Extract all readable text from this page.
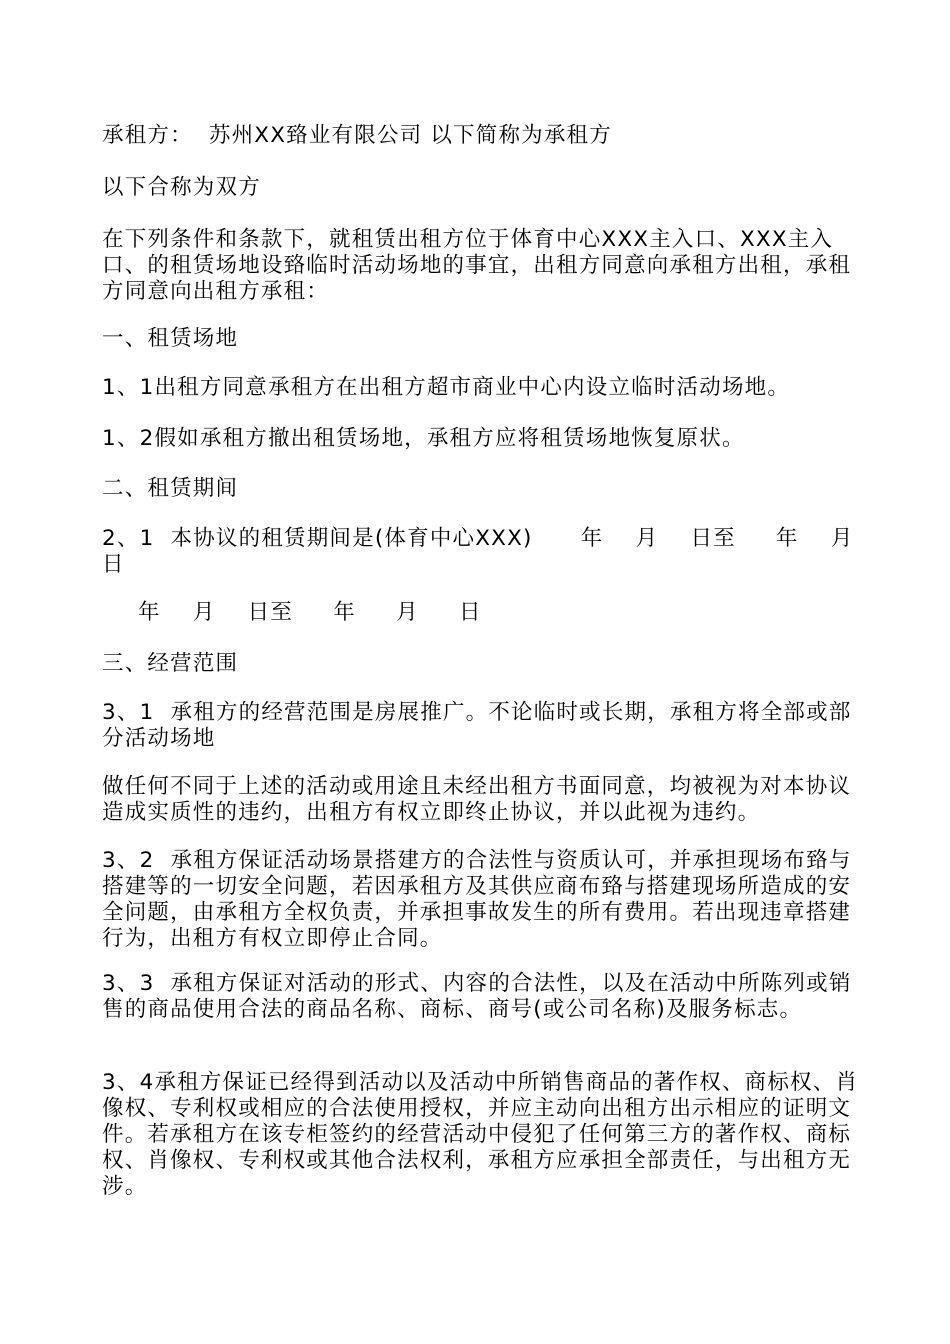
承租方：  苏州XX臵业有限公司 以下简称为承租方

以下合称为双方

在下列条件和条款下，就租赁出租方位于体育中心XXX主入口、XXX主入口、的租赁场地设臵临时活动场地的事宜，出租方同意向承租方出租，承租方同意向出租方承租：

一、租赁场地

1、1出租方同意承租方在出租方超市商业中心内设立临时活动场地。

1、2假如承租方撤出租赁场地，承租方应将租赁场地恢复原状。

二、租赁期间

2、1  本协议的租赁期间是(体育中心XXX)      年    月    日至     年    月    日

年    月    日至     年     月     日

三、经营范围

3、1  承租方的经营范围是房展推广。不论临时或长期，承租方将全部或部分活动场地

做任何不同于上述的活动或用途且未经出租方书面同意，均被视为对本协议造成实质性的违约，出租方有权立即终止协议，并以此视为违约。

3、2  承租方保证活动场景搭建方的合法性与资质认可，并承担现场布臵与搭建等的一切安全问题，若因承租方及其供应商布臵与搭建现场所造成的安全问题，由承租方全权负责，并承担事故发生的所有费用。若出现违章搭建行为，出租方有权立即停止合同。

3、3  承租方保证对活动的形式、内容的合法性，以及在活动中所陈列或销售的商品使用合法的商品名称、商标、商号(或公司名称)及服务标志。

3、4承租方保证已经得到活动以及活动中所销售商品的著作权、商标权、肖像权、专利权或相应的合法使用授权，并应主动向出租方出示相应的证明文件。若承租方在该专柜签约的经营活动中侵犯了任何第三方的著作权、商标权、肖像权、专利权或其他合法权利，承租方应承担全部责任，与出租方无涉。
